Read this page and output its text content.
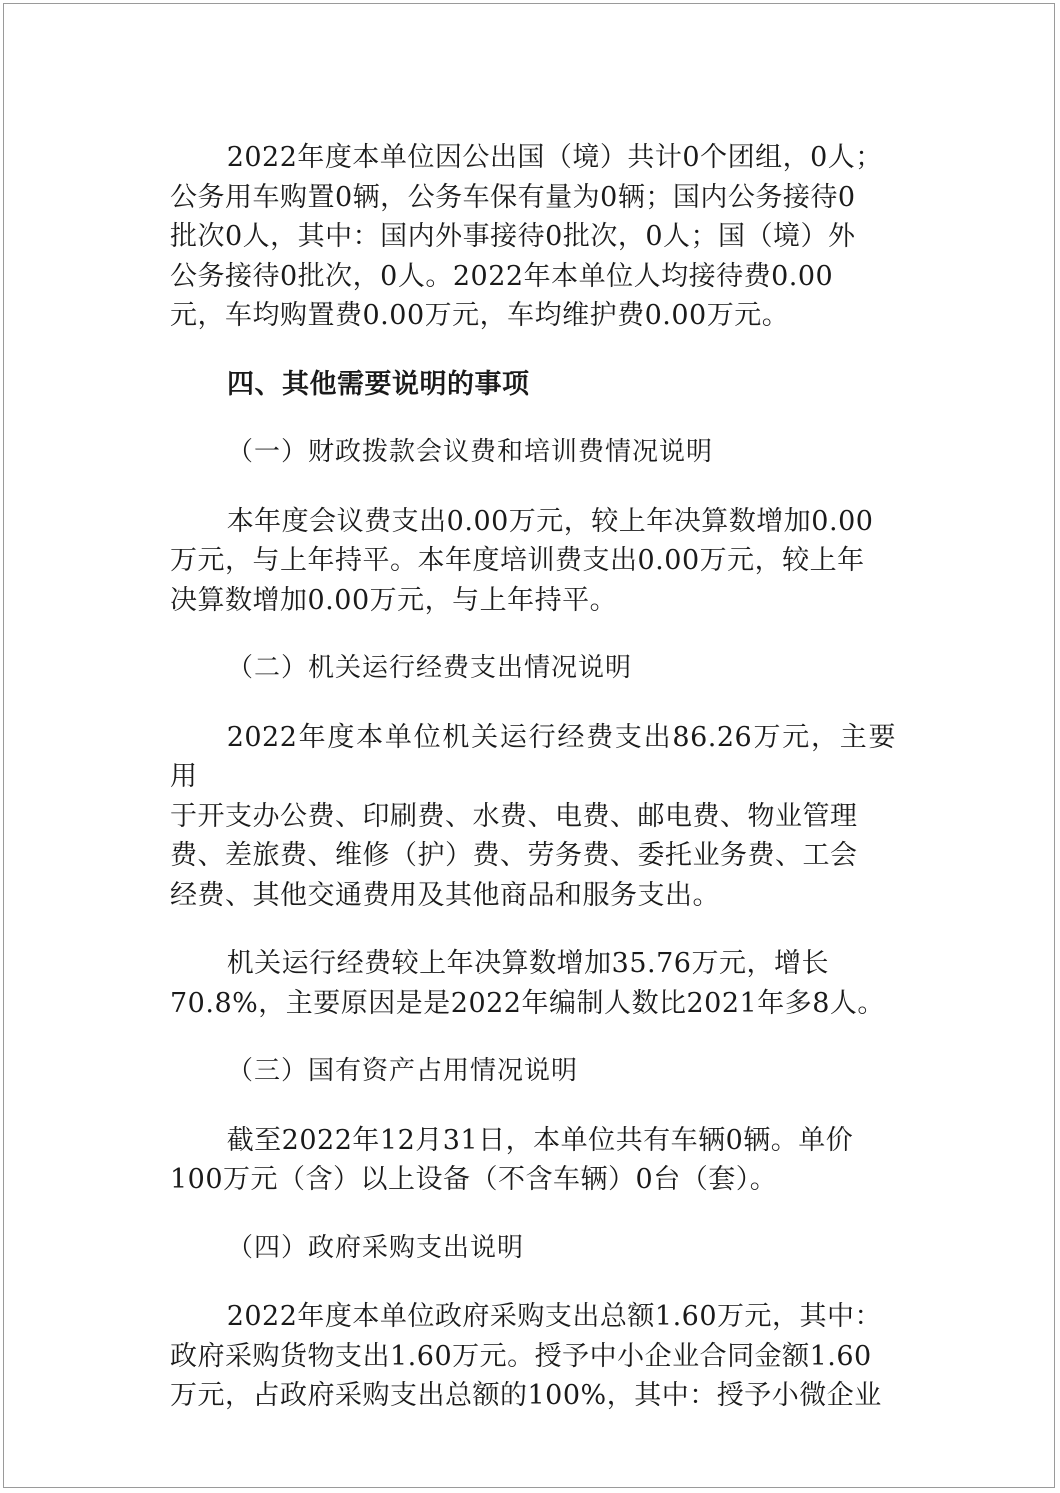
2022年度本单位因公出国（境）共计0个团组，0人；
公务用车购置0辆，公务车保有量为0辆；国内公务接待0
批次0人，其中：国内外事接待0批次，0人；国（境）外
公务接待0批次，0人。2022年本单位人均接待费0.00
元，车均购置费0.00万元，车均维护费0.00万元。

四、其他需要说明的事项

（一）财政拨款会议费和培训费情况说明

本年度会议费支出0.00万元，较上年决算数增加0.00
万元，与上年持平。本年度培训费支出0.00万元，较上年
决算数增加0.00万元，与上年持平。

（二）机关运行经费支出情况说明

2022年度本单位机关运行经费支出86.26万元，主要用
于开支办公费、印刷费、水费、电费、邮电费、物业管理
费、差旅费、维修（护）费、劳务费、委托业务费、工会
经费、其他交通费用及其他商品和服务支出。

机关运行经费较上年决算数增加35.76万元，增长
70.8%，主要原因是是2022年编制人数比2021年多8人。

（三）国有资产占用情况说明

截至2022年12月31日，本单位共有车辆0辆。单价
100万元（含）以上设备（不含车辆）0台（套）。

（四）政府采购支出说明

2022年度本单位政府采购支出总额1.60万元，其中：
政府采购货物支出1.60万元。授予中小企业合同金额1.60
万元，占政府采购支出总额的100%，其中：授予小微企业
